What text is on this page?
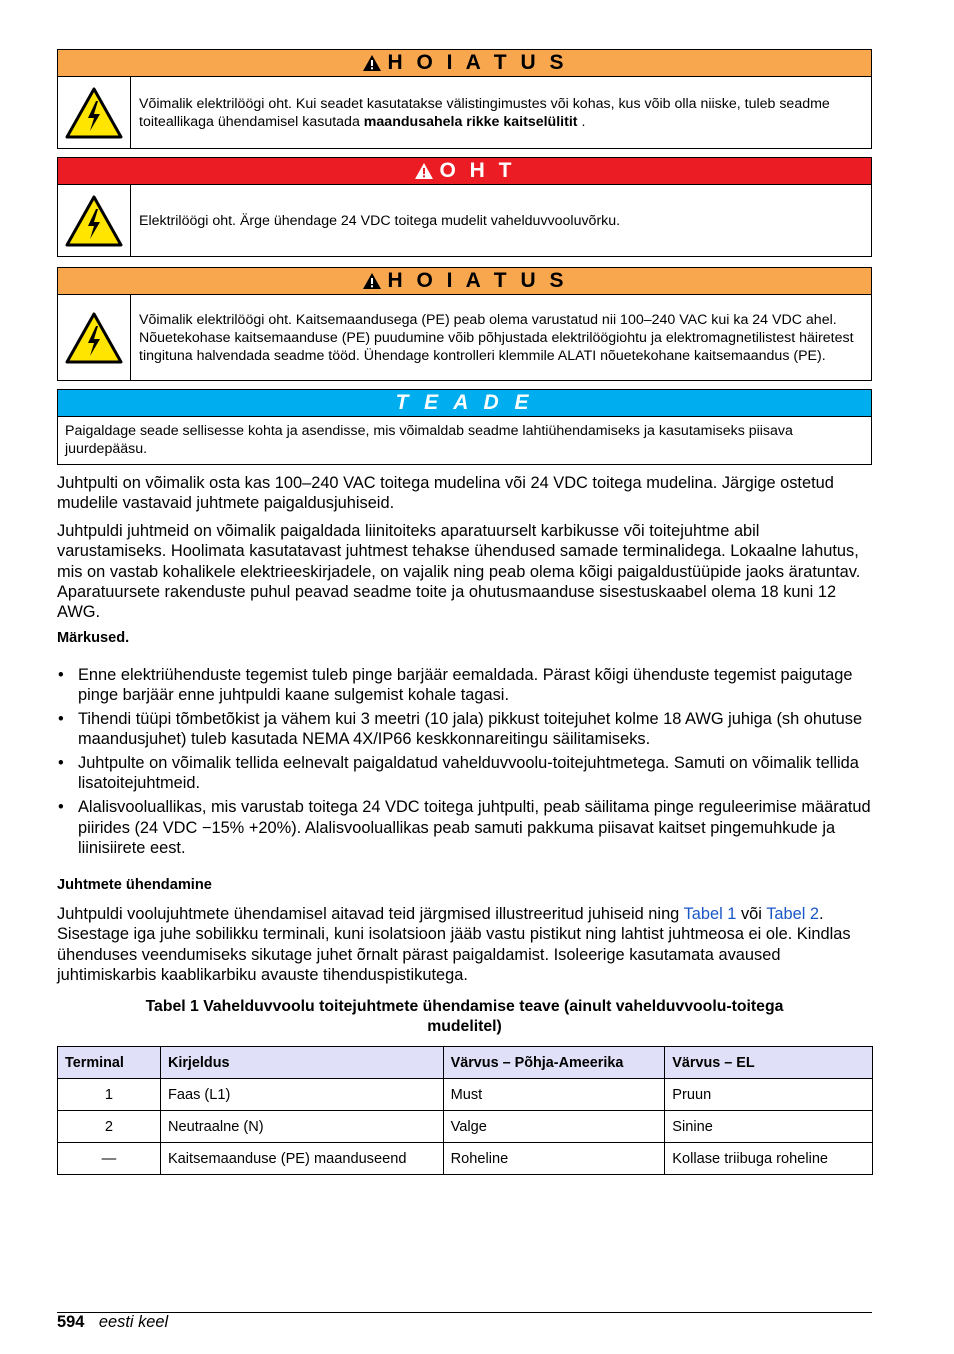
H O I A T U S
Võimalik elektrilöögi oht. Kui seadet kasutatakse välistingimustes või kohas, kus võib olla niiske, tuleb seadme toiteallikaga ühendamisel kasutada maandusahela rikke kaitselülitit .
O H T
Elektrilöögi oht. Ärge ühendage 24 VDC toitega mudelit vahelduvvooluvõrku.
H O I A T U S
Võimalik elektrilöögi oht. Kaitsemaandusega (PE) peab olema varustatud nii 100–240 VAC kui ka 24 VDC ahel. Nõuetekohase kaitsemaanduse (PE) puudumine võib põhjustada elektrilöögiohtu ja elektromagnetilistest häiretest tingituna halvendada seadme tööd. Ühendage kontrolleri klemmile ALATI nõuetekohane kaitsemaandus (PE).
T E A D E
Paigaldage seade sellisesse kohta ja asendisse, mis võimaldab seadme lahtiühendamiseks ja kasutamiseks piisava juurdepääsu.

Juhtpulti on võimalik osta kas 100–240 VAC toitega mudelina või 24 VDC toitega mudelina. Järgige ostetud mudelile vastavaid juhtmete paigaldusjuhiseid.

Juhtpuldi juhtmeid on võimalik paigaldada liinitoiteks aparatuurselt karbikusse või toitejuhtme abil varustamiseks. Hoolimata kasutatavast juhtmest tehakse ühendused samade terminalidega. Lokaalne lahutus, mis on vastab kohalikele elektrieeskirjadele, on vajalik ning peab olema kõigi paigaldustüüpide jaoks äratuntav. Aparatuursete rakenduste puhul peavad seadme toite ja ohutusmaanduse sisestuskaabel olema 18 kuni 12 AWG.

Märkused.
• Enne elektriühenduste tegemist tuleb pinge barjäär eemaldada. Pärast kõigi ühenduste tegemist paigutage pinge barjäär enne juhtpuldi kaane sulgemist kohale tagasi.
• Tihendi tüüpi tõmbetõkist ja vähem kui 3 meetri (10 jala) pikkust toitejuhet kolme 18 AWG juhiga (sh ohutuse maandusjuhet) tuleb kasutada NEMA 4X/IP66 keskkonnareitingu säilitamiseks.
• Juhtpulte on võimalik tellida eelnevalt paigaldatud vahelduvvoolu-toitejuhtmetega. Samuti on võimalik tellida lisatoitejuhtmeid.
• Alalisvooluallikas, mis varustab toitega 24 VDC toitega juhtpulti, peab säilitama pinge reguleerimise määratud piirides (24 VDC −15% +20%). Alalisvooluallikas peab samuti pakkuma piisavat kaitset pingemuhkude ja liinisiirete eest.
Juhtmete ühendamine

Juhtpuldi voolujuhtmete ühendamisel aitavad teid järgmised illustreeritud juhiseid ning Tabel 1 või Tabel 2. Sisestage iga juhe sobilikku terminali, kuni isolatsioon jääb vastu pistikut ning lahtist juhtmeosa ei ole. Kindlas ühenduses veendumiseks sikutage juhet õrnalt pärast paigaldamist. Isoleerige kasutamata avaused juhtimiskarbis kaablikarbiku avauste tihenduspistikutega.

Tabel 1 Vahelduvvoolu toitejuhtmete ühendamise teave (ainult vahelduvvoolu-toitega
mudelitel)
Terminal	Kirjeldus	Värvus – Põhja-Ameerika	Värvus – EL
1	Faas (L1)	Must	Pruun
2	Neutraalne (N)	Valge	Sinine
—	Kaitsemaanduse (PE) maanduseend	Roheline	Kollase triibuga roheline
594 eesti keel
